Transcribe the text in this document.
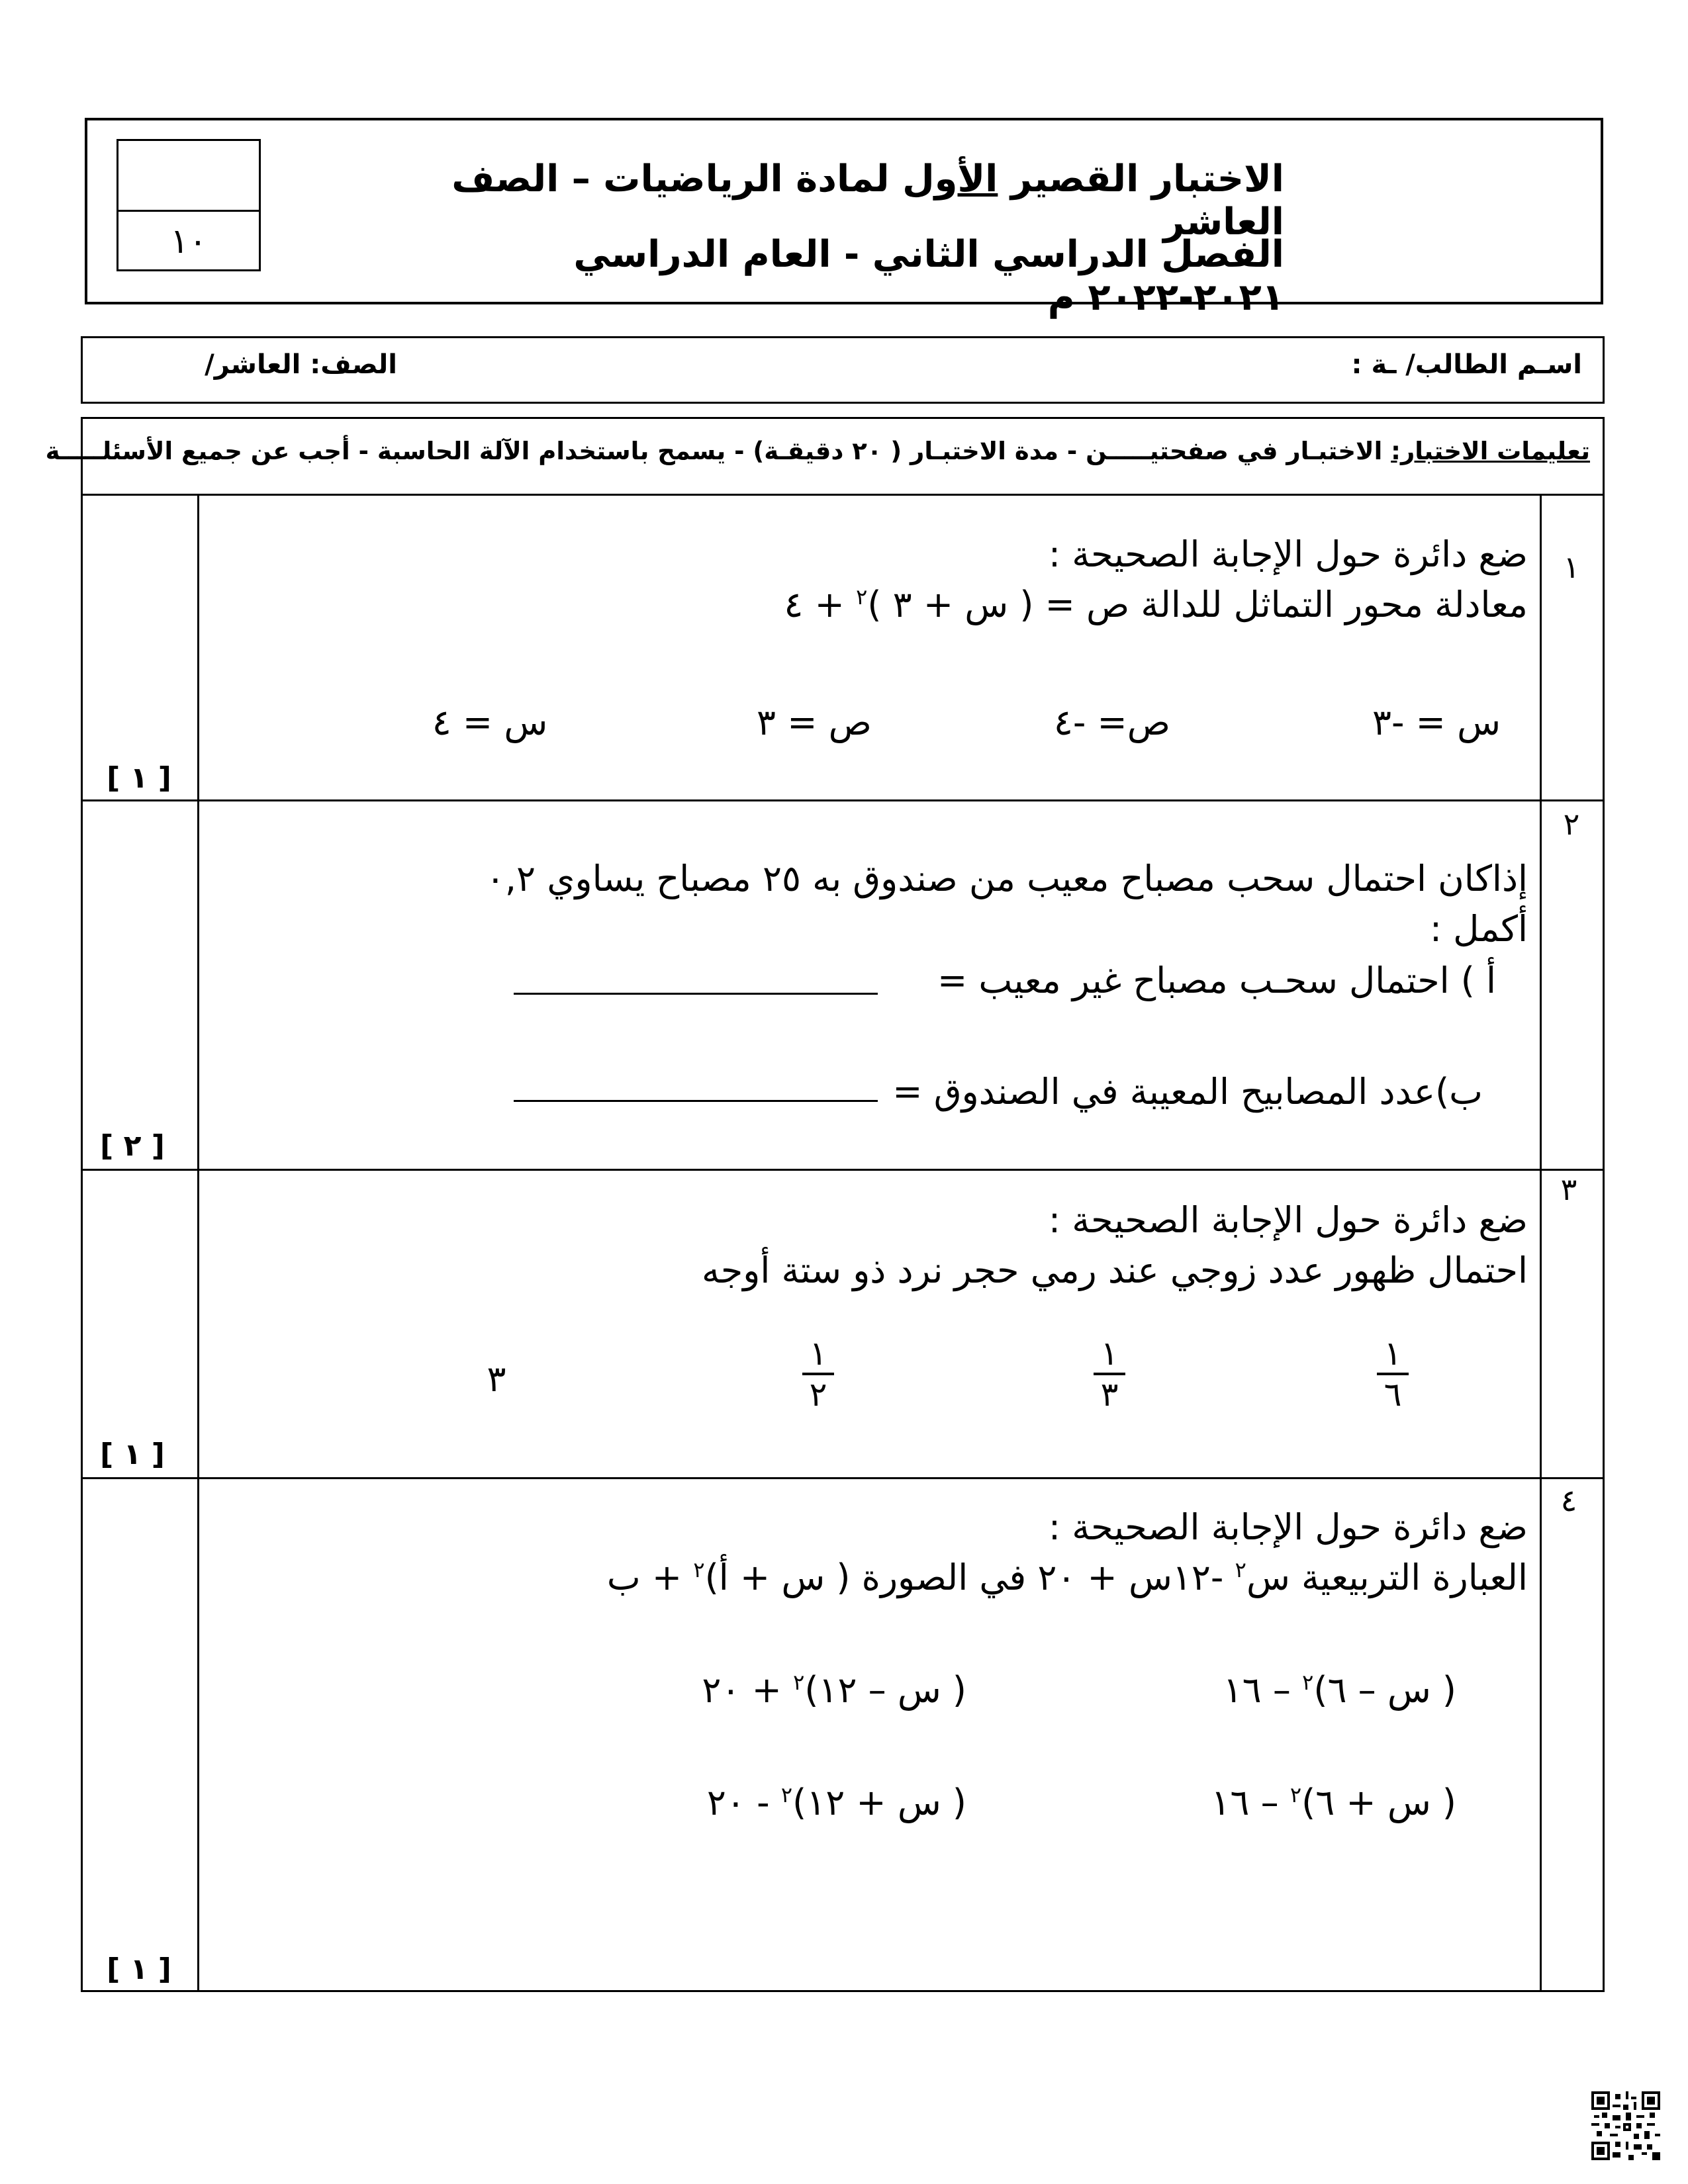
١٠
الاختبار القصير الأول لمادة الرياضيات – الصف العاشر
الفصل الدراسي الثاني - العام الدراسي ٢٠٢١-٢٠٢٢ م
اسـم الطالب/ ـة :
الصف: العاشر/
تعليمات الاختبار: الاختبـار في صفحتيـــــن - مدة الاختبـار ( ٢٠ دقيقـة) - يسمح باستخدام الآلة الحاسبة - أجب عن جميع الأسئلـــــة
١
ضع دائرة حول الإجابة الصحيحة :
معادلة محور التماثل للدالة ص = ( س + ٣ )$^٢$ + ٤
س = -٣
ص= -٤
ص = ٣
س = ٤
[ ١ ]
٢
إذاكان احتمال سحب مصباح معيب من صندوق به ٢٥ مصباح يساوي ٠,٢
أكمل :
أ ) احتمال سحـب مصباح غير معيب =
ب)عدد المصابيح المعيبة في الصندوق =
[ ٢ ]
٣
ضع دائرة حول الإجابة الصحيحة :
احتمال ظهور عدد زوجي عند رمي حجر نرد ذو ستة أوجه
$\frac{١}{٦}$
$\frac{١}{٣}$
$\frac{١}{٢}$
٣
[ ١ ]
٤
ضع دائرة حول الإجابة الصحيحة :
العبارة التربيعية س$^٢$ -١٢س + ٢٠ في الصورة ( س + أ)$^٢$ + ب
( س – ٦)$^٢$ – ١٦
( س – ١٢)$^٢$ + ٢٠
( س + ٦)$^٢$ – ١٦
( س + ١٢)$^٢$ - ٢٠
[ ١ ]
